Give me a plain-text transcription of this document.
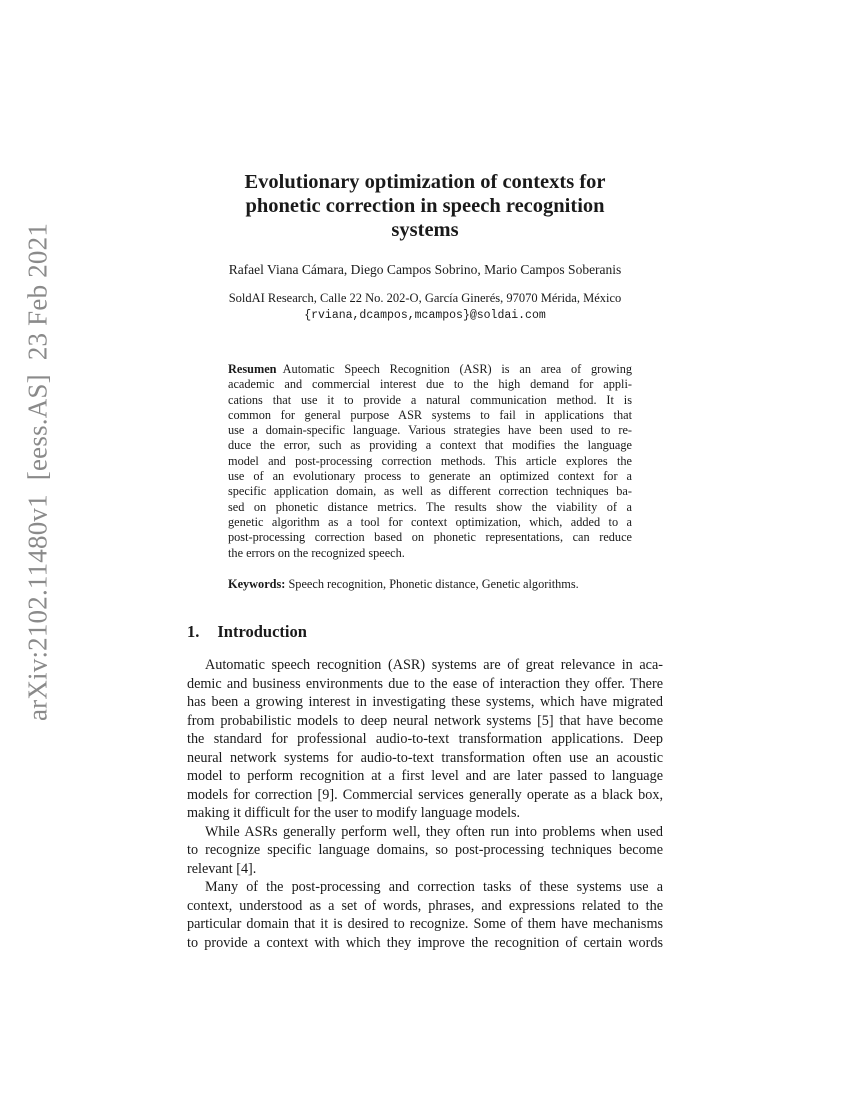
arXiv:2102.11480v1[eess.AS]23 Feb 2021
Evolutionary optimization of contexts for
phonetic correction in speech recognition
systems
Rafael Viana Cámara, Diego Campos Sobrino, Mario Campos Soberanis
SoldAI Research, Calle 22 No. 202-O, García Ginerés, 97070 Mérida, México
{rviana,dcampos,mcampos}@soldai.com
Resumen  Automatic Speech Recognition (ASR) is an area of growing
academic and commercial interest due to the high demand for appli-
cations that use it to provide a natural communication method. It is
common for general purpose ASR systems to fail in applications that
use a domain-specific language. Various strategies have been used to re-
duce the error, such as providing a context that modifies the language
model and post-processing correction methods. This article explores the
use of an evolutionary process to generate an optimized context for a
specific application domain, as well as different correction techniques ba-
sed on phonetic distance metrics. The results show the viability of a
genetic algorithm as a tool for context optimization, which, added to a
post-processing correction based on phonetic representations, can reduce
the errors on the recognized speech.
Keywords: Speech recognition, Phonetic distance, Genetic algorithms.
1. Introduction
Automatic speech recognition (ASR) systems are of great relevance in aca-
demic and business environments due to the ease of interaction they offer. There
has been a growing interest in investigating these systems, which have migrated
from probabilistic models to deep neural network systems [5] that have become
the standard for professional audio-to-text transformation applications. Deep
neural network systems for audio-to-text transformation often use an acoustic
model to perform recognition at a first level and are later passed to language
models for correction [9]. Commercial services generally operate as a black box,
making it difficult for the user to modify language models.
While ASRs generally perform well, they often run into problems when used
to recognize specific language domains, so post-processing techniques become
relevant [4].
Many of the post-processing and correction tasks of these systems use a
context, understood as a set of words, phrases, and expressions related to the
particular domain that it is desired to recognize. Some of them have mechanisms
to provide a context with which they improve the recognition of certain words
